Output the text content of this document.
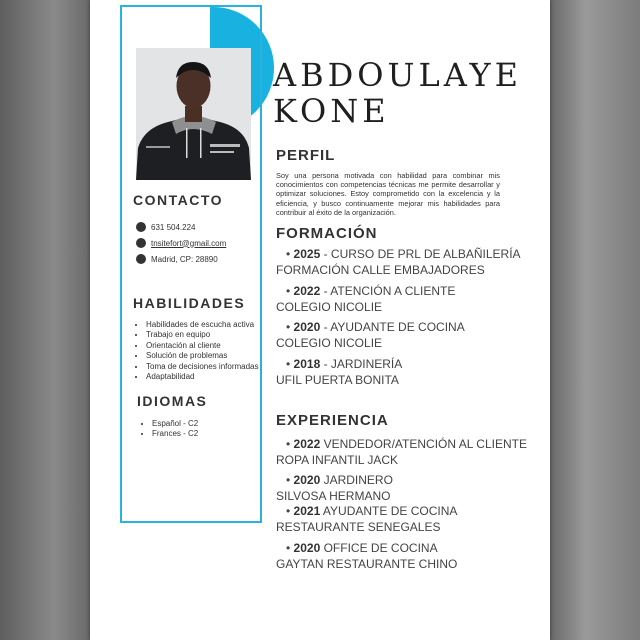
ABDOULAYE
KONE
CONTACTO
631 504.224
tnsitefort@gmail.com
Madrid, CP: 28890
HABILIDADES
• Habilidades de escucha activa
• Trabajo en equipo
• Orientación al cliente
• Solución de problemas
• Toma de decisiones informadas
• Adaptabilidad
IDIOMAS
• Español - C2
• Frances - C2
PERFIL
Soy una persona motivada con habilidad para combinar mis conocimientos con competencias técnicas me permite desarrollar y optimizar soluciones. Estoy comprometido con la excelencia y la eficiencia, y busco continuamente mejorar mis habilidades para contribuir al éxito de la organización.
FORMACIÓN
• 2025 - CURSO DE PRL DE ALBAÑILERÍA
FORMACIÓN CALLE EMBAJADORES
• 2022 - ATENCIÓN A CLIENTE
COLEGIO NICOLIE
• 2020 - AYUDANTE DE COCINA
COLEGIO NICOLIE
• 2018 - JARDINERÍA
UFIL PUERTA BONITA
EXPERIENCIA
• 2022 VENDEDOR/ATENCIÓN AL CLIENTE
ROPA INFANTIL JACK
• 2020 JARDINERO
SILVOSA HERMANO
• 2021 AYUDANTE DE COCINA
RESTAURANTE SENEGALES
• 2020 OFFICE DE COCINA
GAYTAN RESTAURANTE CHINO
